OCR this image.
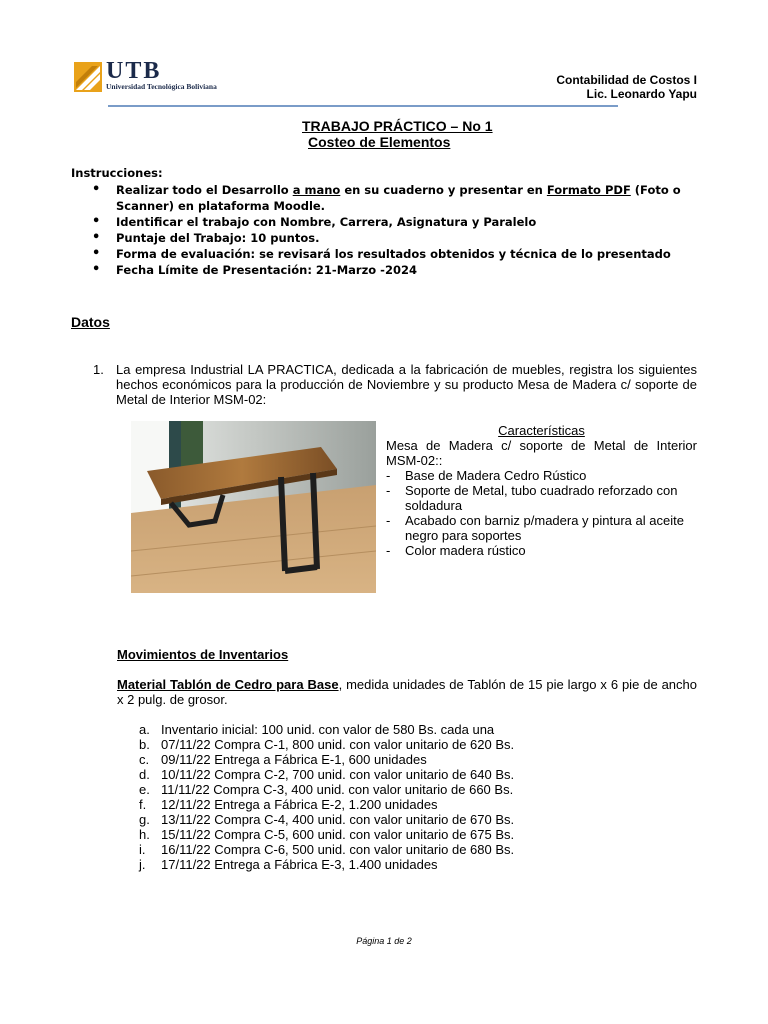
UTB
Universidad Tecnológica Boliviana	Contabilidad de Costos I
Lic. Leonardo Yapu
TRABAJO PRÁCTICO – No 1
Costeo de Elementos
Instrucciones:
• Realizar todo el Desarrollo a mano en su cuaderno y presentar en Formato PDF (Foto o Scanner) en plataforma Moodle.
• Identificar el trabajo con Nombre, Carrera, Asignatura y Paralelo
• Puntaje del Trabajo: 10 puntos.
• Forma de evaluación: se revisará los resultados obtenidos y técnica de lo presentado
• Fecha Límite de Presentación: 21-Marzo -2024
Datos
1. La empresa Industrial LA PRACTICA, dedicada a la fabricación de muebles, registra los siguientes hechos económicos para la producción de Noviembre y su producto Mesa de Madera c/ soporte de Metal de Interior MSM-02:
Características
Mesa de Madera c/ soporte de Metal de Interior MSM-02::
- Base de Madera Cedro Rústico
- Soporte de Metal, tubo cuadrado reforzado con soldadura
- Acabado con barniz p/madera y pintura al aceite negro para soportes
- Color madera rústico
Movimientos de Inventarios
Material Tablón de Cedro para Base, medida unidades de Tablón de 15 pie largo x 6 pie de ancho x 2 pulg. de grosor.
a. Inventario inicial: 100 unid. con valor de 580 Bs. cada una
b. 07/11/22 Compra C-1, 800 unid. con valor unitario de 620 Bs.
c. 09/11/22 Entrega a Fábrica E-1, 600 unidades
d. 10/11/22 Compra C-2, 700 unid. con valor unitario de 640 Bs.
e. 11/11/22 Compra C-3, 400 unid. con valor unitario de 660 Bs.
f. 12/11/22 Entrega a Fábrica E-2, 1.200 unidades
g. 13/11/22 Compra C-4, 400 unid. con valor unitario de 670 Bs.
h. 15/11/22 Compra C-5, 600 unid. con valor unitario de 675 Bs.
i. 16/11/22 Compra C-6, 500 unid. con valor unitario de 680 Bs.
j. 17/11/22 Entrega a Fábrica E-3, 1.400 unidades
Página 1 de 2
